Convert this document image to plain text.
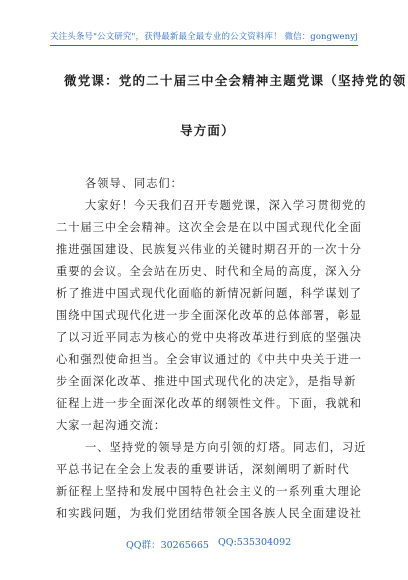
关注头条号"公文研究"，获得最新最全最专业的公文资料库！ 微信：gongwenyj
微党课：党的二十届三中全会精神主题党课（坚持党的领
导方面）
各领导、同志们：
大家好！今天我们召开专题党课，深入学习贯彻党的
二十届三中全会精神。这次全会是在以中国式现代化全面
推进强国建设、民族复兴伟业的关键时期召开的一次十分
重要的会议。全会站在历史、时代和全局的高度，深入分
析了推进中国式现代化面临的新情况新问题，科学谋划了
围绕中国式现代化进一步全面深化改革的总体部署，彰显
了以习近平同志为核心的党中央将改革进行到底的坚强决
心和强烈使命担当。全会审议通过的《中共中央关于进一
步全面深化改革、推进中国式现代化的决定》，是指导新
征程上进一步全面深化改革的纲领性文件。下面，我就和
大家一起沟通交流：
一、坚持党的领导是方向引领的灯塔。同志们，习近
平总书记在全会上发表的重要讲话，深刻阐明了新时代
新征程上坚持和发展中国特色社会主义的一系列重大理论
和实践问题，为我们党团结带领全国各族人民全面建设社
QQ群：30265665 QQ:535304092
